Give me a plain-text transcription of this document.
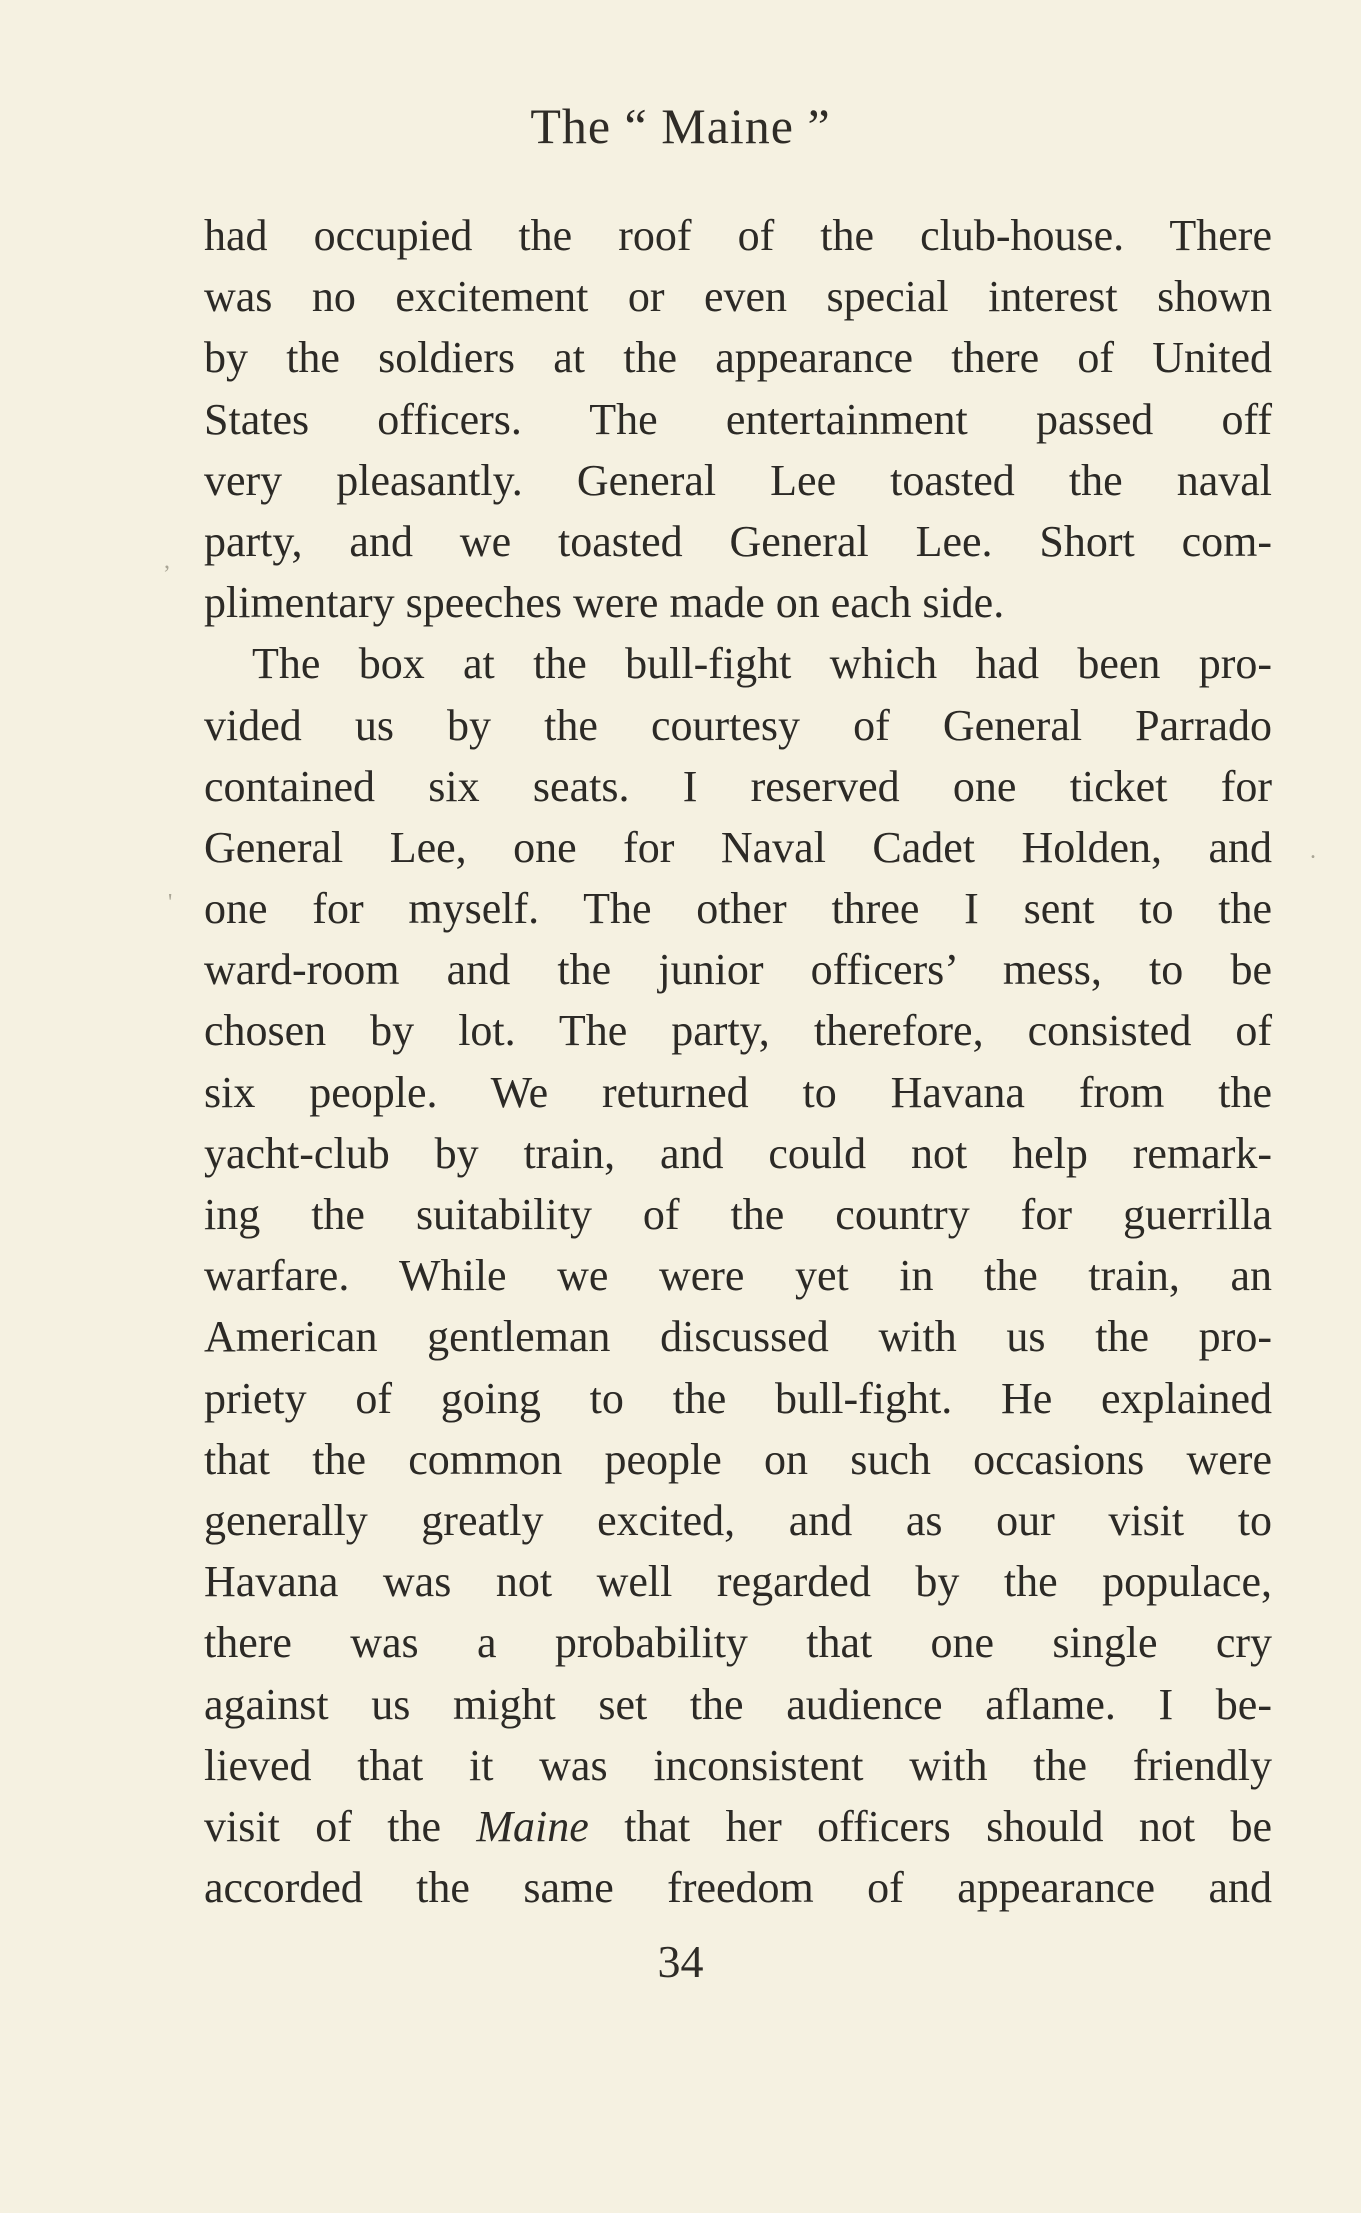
The “ Maine ”
had occupied the roof of the club-house. There
was no excitement or even special interest shown
by the soldiers at the appearance there of United
States officers. The entertainment passed off
very pleasantly. General Lee toasted the naval
party, and we toasted General Lee. Short com-
plimentary speeches were made on each side.
The box at the bull-fight which had been pro-
vided us by the courtesy of General Parrado
contained six seats. I reserved one ticket for
General Lee, one for Naval Cadet Holden, and
one for myself. The other three I sent to the
ward-room and the junior officers’ mess, to be
chosen by lot. The party, therefore, consisted of
six people. We returned to Havana from the
yacht-club by train, and could not help remark-
ing the suitability of the country for guerrilla
warfare. While we were yet in the train, an
American gentleman discussed with us the pro-
priety of going to the bull-fight. He explained
that the common people on such occasions were
generally greatly excited, and as our visit to
Havana was not well regarded by the populace,
there was a probability that one single cry
against us might set the audience aflame. I be-
lieved that it was inconsistent with the friendly
visit of the Maine that her officers should not be
accorded the same freedom of appearance and
34
,
.
'
